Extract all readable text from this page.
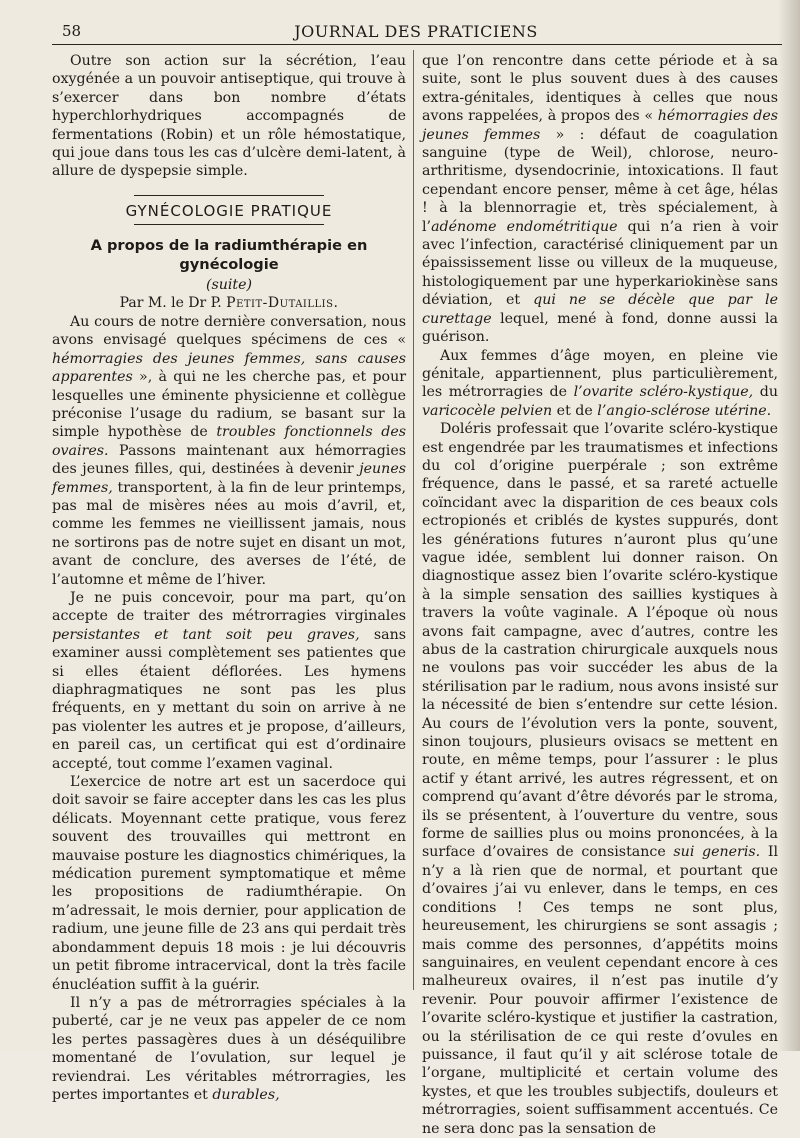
58	JOURNAL DES PRATICIENS

Outre son action sur la sécrétion, l’eau oxygénée a un pouvoir antiseptique, qui trouve à s’exercer dans bon nombre d’états hyperchlorhydriques accompagnés de fermentations (Robin) et un rôle hémostatique, qui joue dans tous les cas d’ulcère demi-latent, à allure de dyspepsie simple.

GYNÉCOLOGIE PRATIQUE
A propos de la radiumthérapie en gynécologie

(suite)

Par M. le Dr P. Petit-Dutaillis.

Au cours de notre dernière conversation, nous avons envisagé quelques spécimens de ces « hémorragies des jeunes femmes, sans causes apparentes », à qui ne les cherche pas, et pour lesquelles une éminente physicienne et collègue préconise l’usage du radium, se basant sur la simple hypothèse de troubles fonctionnels des ovaires. Passons maintenant aux hémorragies des jeunes filles, qui, destinées à devenir jeunes femmes, transportent, à la fin de leur printemps, pas mal de misères nées au mois d’avril, et, comme les femmes ne vieillissent jamais, nous ne sortirons pas de notre sujet en disant un mot, avant de conclure, des averses de l’été, de l’automne et même de l’hiver.

Je ne puis concevoir, pour ma part, qu’on accepte de traiter des métrorragies virginales persistantes et tant soit peu graves, sans examiner aussi complètement ses patientes que si elles étaient déflorées. Les hymens diaphragmatiques ne sont pas les plus fréquents, en y mettant du soin on arrive à ne pas violenter les autres et je propose, d’ailleurs, en pareil cas, un certificat qui est d’ordinaire accepté, tout comme l’examen vaginal.

L’exercice de notre art est un sacerdoce qui doit savoir se faire accepter dans les cas les plus délicats. Moyennant cette pratique, vous ferez souvent des trouvailles qui mettront en mauvaise posture les diagnostics chimériques, la médication purement symptomatique et même les propositions de radiumthérapie. On m’adressait, le mois dernier, pour application de radium, une jeune fille de 23 ans qui perdait très abondamment depuis 18 mois : je lui découvris un petit fibrome intracervical, dont la très facile énucléation suffit à la guérir.

Il n’y a pas de métrorragies spéciales à la puberté, car je ne veux pas appeler de ce nom les pertes passagères dues à un déséquilibre momentané de l’ovulation, sur lequel je reviendrai. Les véritables métrorragies, les pertes importantes et durables,

que l’on rencontre dans cette période et à sa suite, sont le plus souvent dues à des causes extra-génitales, identiques à celles que nous avons rappelées, à propos des « hémorragies des jeunes femmes » : défaut de coagulation sanguine (type de Weil), chlorose, neuro-arthritisme, dysendocrinie, intoxications. Il faut cependant encore penser, même à cet âge, hélas ! à la blennorragie et, très spécialement, à l’adénome endométritique qui n’a rien à voir avec l’infection, caractérisé cliniquement par un épaississement lisse ou villeux de la muqueuse, histologiquement par une hyperkariokinèse sans déviation, et qui ne se décèle que par le curettage lequel, mené à fond, donne aussi la guérison.

Aux femmes d’âge moyen, en pleine vie génitale, appartiennent, plus particulièrement, les métrorragies de l’ovarite scléro-kystique, du varicocèle pelvien et de l’angio-sclérose utérine.

Doléris professait que l’ovarite scléro-kystique est engendrée par les traumatismes et infections du col d’origine puerpérale ; son extrême fréquence, dans le passé, et sa rareté actuelle coïncidant avec la disparition de ces beaux cols ectropionés et criblés de kystes suppurés, dont les générations futures n’auront plus qu’une vague idée, semblent lui donner raison. On diagnostique assez bien l’ovarite scléro-kystique à la simple sensation des saillies kystiques à travers la voûte vaginale. A l’époque où nous avons fait campagne, avec d’autres, contre les abus de la castration chirurgicale auxquels nous ne voulons pas voir succéder les abus de la stérilisation par le radium, nous avons insisté sur la nécessité de bien s’entendre sur cette lésion. Au cours de l’évolution vers la ponte, souvent, sinon toujours, plusieurs ovisacs se mettent en route, en même temps, pour l’assurer : le plus actif y étant arrivé, les autres régressent, et on comprend qu’avant d’être dévorés par le stroma, ils se présentent, à l’ouverture du ventre, sous forme de saillies plus ou moins prononcées, à la surface d’ovaires de consistance sui generis. Il n’y a là rien que de normal, et pourtant que d’ovaires j’ai vu enlever, dans le temps, en ces conditions ! Ces temps ne sont plus, heureusement, les chirurgiens se sont assagis ; mais comme des personnes, d’appétits moins sanguinaires, en veulent cependant encore à ces malheureux ovaires, il n’est pas inutile d’y revenir. Pour pouvoir affirmer l’existence de l’ovarite scléro-kystique et justifier la castration, ou la stérilisation de ce qui reste d’ovules en puissance, il faut qu’il y ait sclérose totale de l’organe, multiplicité et certain volume des kystes, et que les troubles subjectifs, douleurs et métrorragies, soient suffisamment accentués. Ce ne sera donc pas la sensation de
